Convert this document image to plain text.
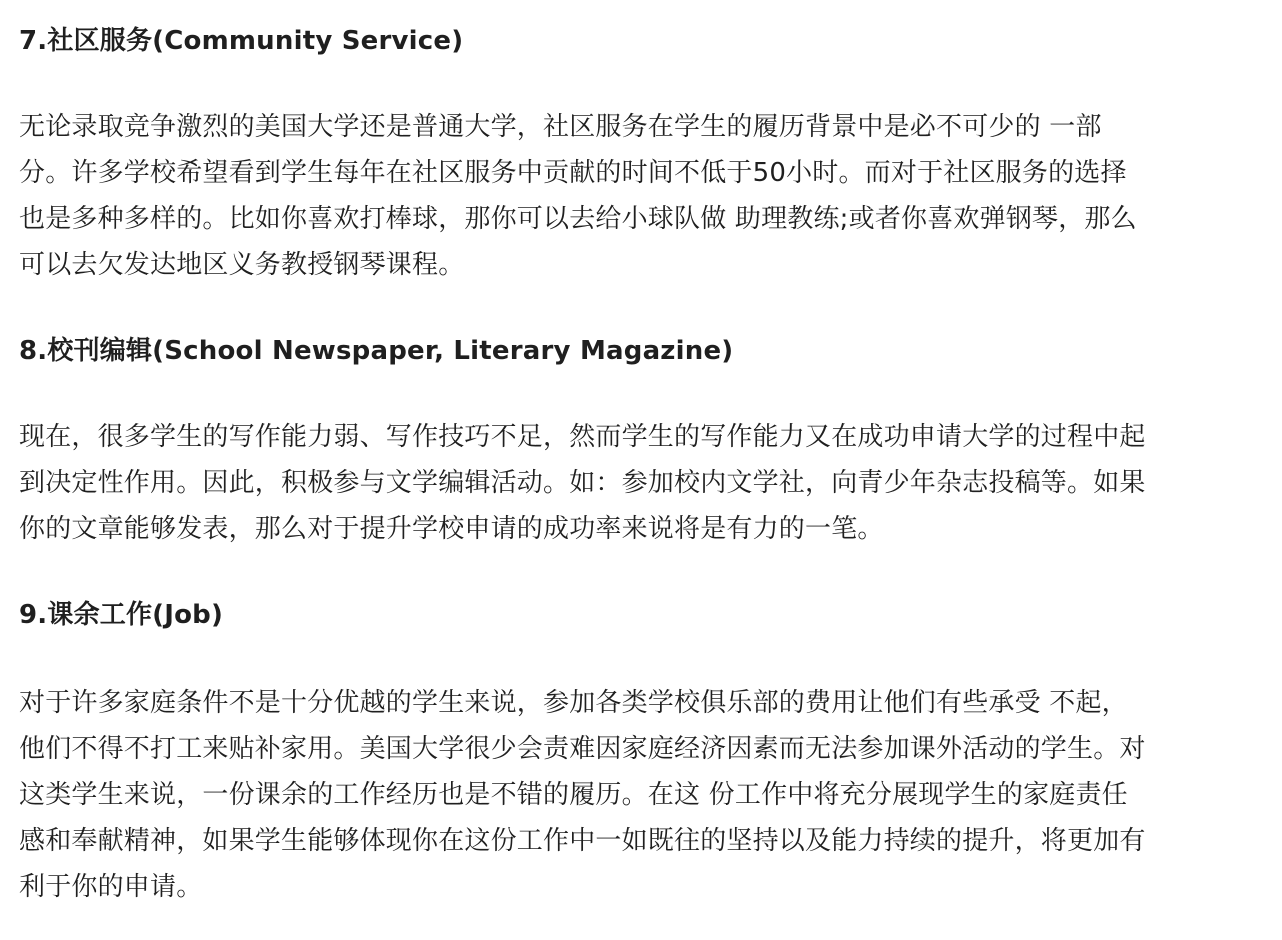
7.社区服务(Community Service)
无论录取竞争激烈的美国大学还是普通大学，社区服务在学生的履历背景中是必不可少的 一部
分。许多学校希望看到学生每年在社区服务中贡献的时间不低于50小时。而对于社区服务的选择
也是多种多样的。比如你喜欢打棒球，那你可以去给小球队做 助理教练;或者你喜欢弹钢琴，那么
可以去欠发达地区义务教授钢琴课程。
8.校刊编辑(School Newspaper, Literary Magazine)
现在，很多学生的写作能力弱、写作技巧不足，然而学生的写作能力又在成功申请大学的过程中起
到决定性作用。因此，积极参与文学编辑活动。如：参加校内文学社，向青少年杂志投稿等。如果
你的文章能够发表，那么对于提升学校申请的成功率来说将是有力的一笔。
9.课余工作(Job)
对于许多家庭条件不是十分优越的学生来说，参加各类学校俱乐部的费用让他们有些承受 不起，
他们不得不打工来贴补家用。美国大学很少会责难因家庭经济因素而无法参加课外活动的学生。对
这类学生来说，一份课余的工作经历也是不错的履历。在这 份工作中将充分展现学生的家庭责任
感和奉献精神，如果学生能够体现你在这份工作中一如既往的坚持以及能力持续的提升，将更加有
利于你的申请。
